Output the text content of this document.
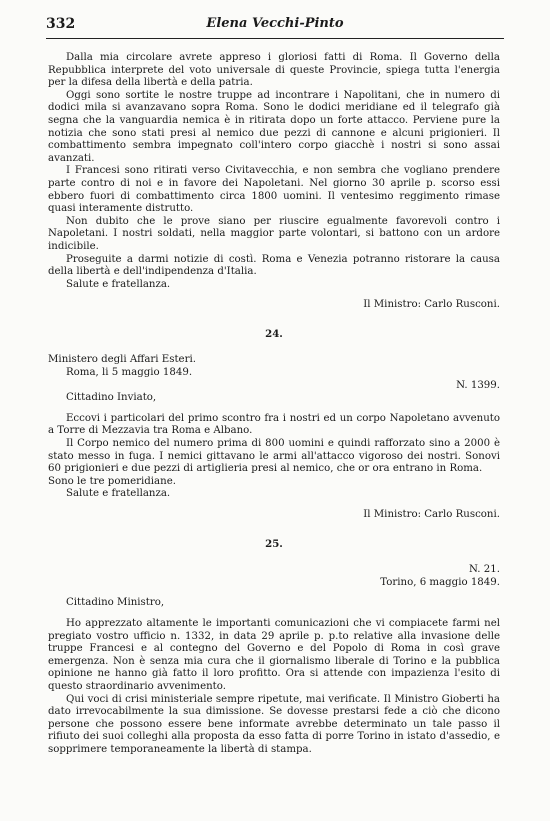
332	Elena Vecchi-Pinto

Dalla mia circolare avrete appreso i gloriosi fatti di Roma. Il Governo della Repubblica interprete del voto universale di queste Provincie, spiega tutta l'energia per la difesa della libertà e della patria.

Oggi sono sortite le nostre truppe ad incontrare i Napolitani, che in numero di dodici mila si avanzavano sopra Roma. Sono le dodici meridiane ed il telegrafo già segna che la vanguardia nemica è in ritirata dopo un forte attacco. Perviene pure la notizia che sono stati presi al nemico due pezzi di cannone e alcuni prigionieri. Il combattimento sembra impegnato coll'intero corpo giacchè i nostri si sono assai avanzati.

I Francesi sono ritirati verso Civitavecchia, e non sembra che vogliano prendere parte contro di noi e in favore dei Napoletani. Nel giorno 30 aprile p. scorso essi ebbero fuori di combattimento circa 1800 uomini. Il ventesimo reggimento rimase quasi interamente distrutto.

Non dubito che le prove siano per riuscire egualmente favorevoli contro i Napoletani. I nostri soldati, nella maggior parte volontari, si battono con un ardore indicibile.

Proseguite a darmi notizie di costì. Roma e Venezia potranno ristorare la causa della libertà e dell'indipendenza d'Italia.

Salute e fratellanza.

Il Ministro: Carlo Rusconi.

24.

Ministero degli Affari Esteri.

Roma, li 5 maggio 1849.

N. 1399.

Cittadino Inviato,

Eccovi i particolari del primo scontro fra i nostri ed un corpo Napoletano avvenuto a Torre di Mezzavia tra Roma e Albano.

Il Corpo nemico del numero prima di 800 uomini e quindi rafforzato sino a 2000 è stato messo in fuga. I nemici gittavano le armi all'attacco vigoroso dei nostri. Sonovi 60 prigionieri e due pezzi di artiglieria presi al nemico, che or ora entrano in Roma.

Sono le tre pomeridiane.

Salute e fratellanza.

Il Ministro: Carlo Rusconi.

25.

N. 21.

Torino, 6 maggio 1849.

Cittadino Ministro,

Ho apprezzato altamente le importanti comunicazioni che vi compiacete farmi nel pregiato vostro ufficio n. 1332, in data 29 aprile p. p.to relative alla invasione delle truppe Francesi e al contegno del Governo e del Popolo di Roma in così grave emergenza. Non è senza mia cura che il giornalismo liberale di Torino e la pubblica opinione ne hanno già fatto il loro profitto. Ora si attende con impazienza l'esito di questo straordinario avvenimento.

Qui voci di crisi ministeriale sempre ripetute, mai verificate. Il Ministro Gioberti ha dato irrevocabilmente la sua dimissione. Se dovesse prestarsi fede a ciò che dicono persone che possono essere bene informate avrebbe determinato un tale passo il rifiuto dei suoi colleghi alla proposta da esso fatta di porre Torino in istato d'assedio, e sopprimere temporaneamente la libertà di stampa.
